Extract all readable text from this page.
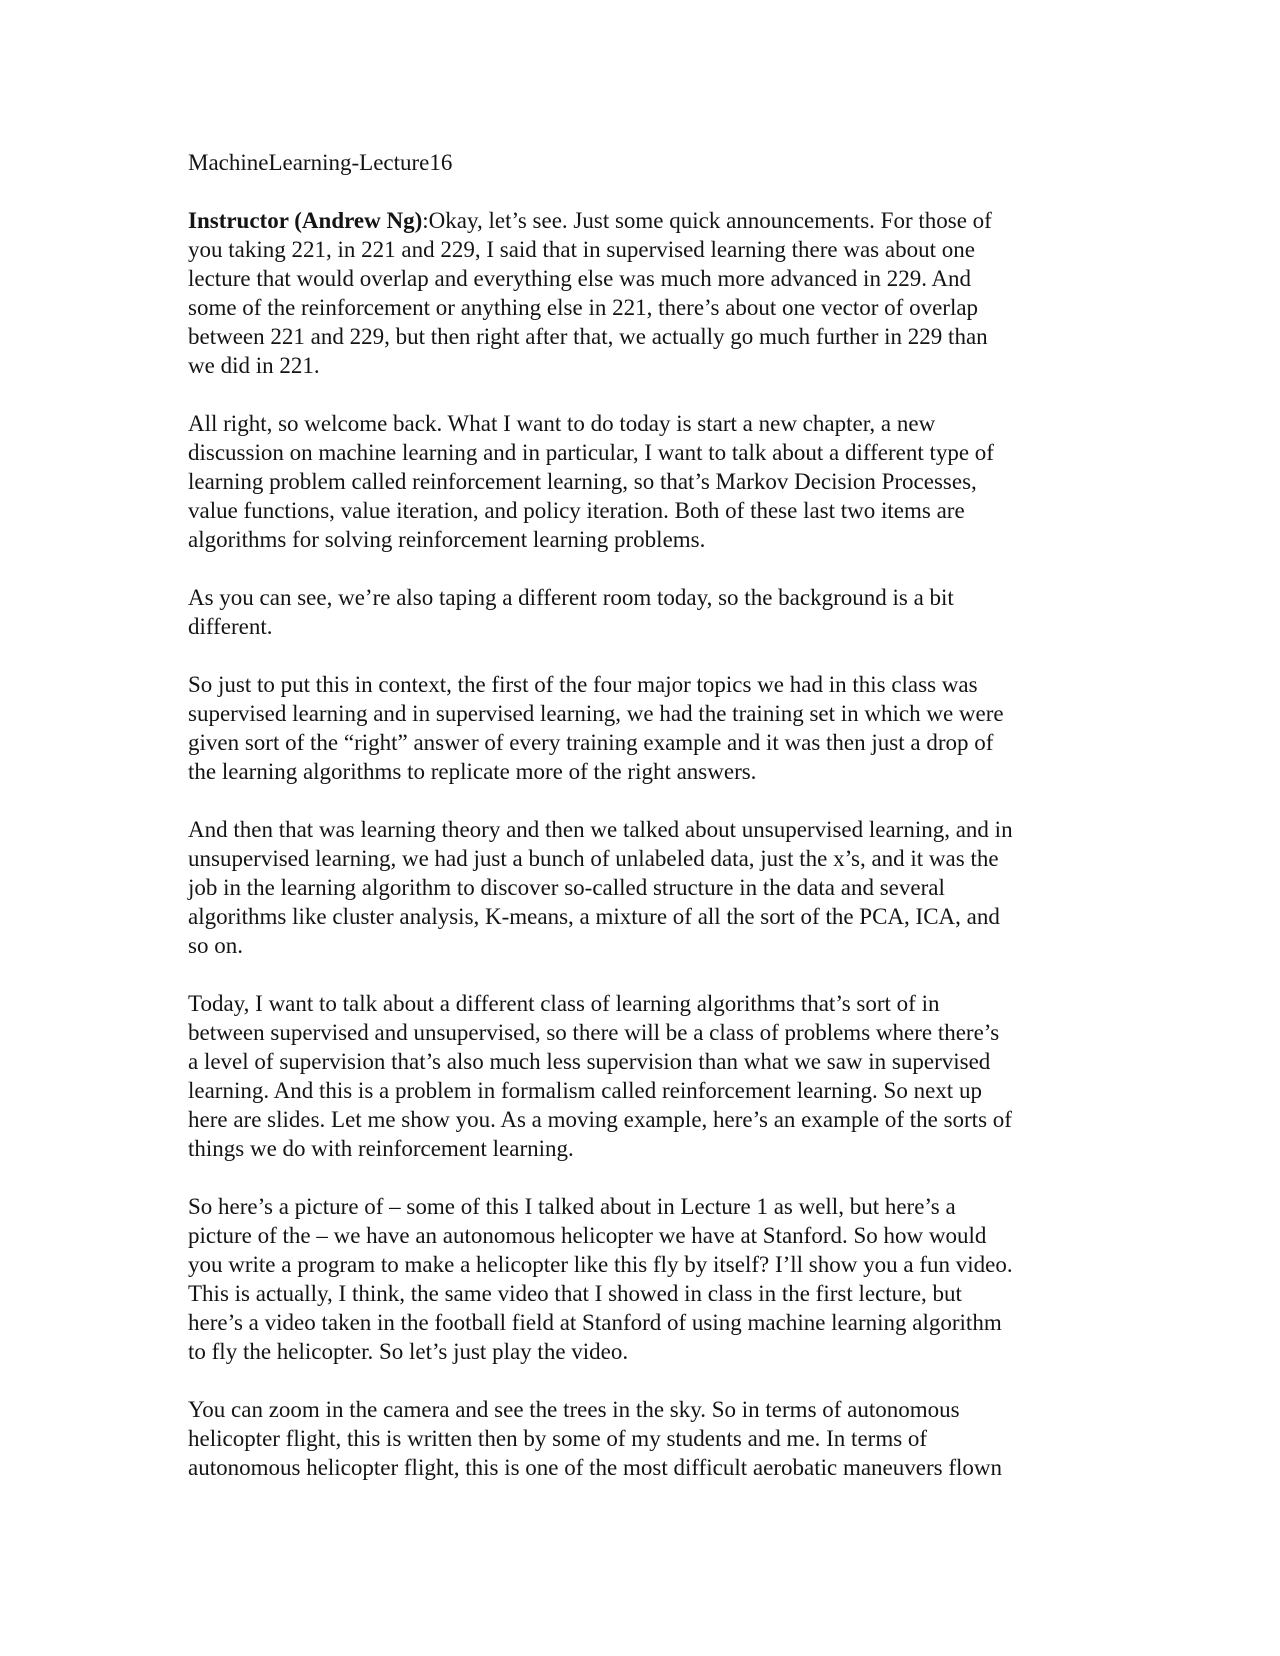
MachineLearning-Lecture16
Instructor (Andrew Ng):Okay, let’s see. Just some quick announcements. For those of
you taking 221, in 221 and 229, I said that in supervised learning there was about one
lecture that would overlap and everything else was much more advanced in 229. And
some of the reinforcement or anything else in 221, there’s about one vector of overlap
between 221 and 229, but then right after that, we actually go much further in 229 than
we did in 221.
All right, so welcome back. What I want to do today is start a new chapter, a new
discussion on machine learning and in particular, I want to talk about a different type of
learning problem called reinforcement learning, so that’s Markov Decision Processes,
value functions, value iteration, and policy iteration. Both of these last two items are
algorithms for solving reinforcement learning problems.
As you can see, we’re also taping a different room today, so the background is a bit
different.
So just to put this in context, the first of the four major topics we had in this class was
supervised learning and in supervised learning, we had the training set in which we were
given sort of the “right” answer of every training example and it was then just a drop of
the learning algorithms to replicate more of the right answers.
And then that was learning theory and then we talked about unsupervised learning, and in
unsupervised learning, we had just a bunch of unlabeled data, just the x’s, and it was the
job in the learning algorithm to discover so-called structure in the data and several
algorithms like cluster analysis, K-means, a mixture of all the sort of the PCA, ICA, and
so on.
Today, I want to talk about a different class of learning algorithms that’s sort of in
between supervised and unsupervised, so there will be a class of problems where there’s
a level of supervision that’s also much less supervision than what we saw in supervised
learning. And this is a problem in formalism called reinforcement learning. So next up
here are slides. Let me show you. As a moving example, here’s an example of the sorts of
things we do with reinforcement learning.
So here’s a picture of – some of this I talked about in Lecture 1 as well, but here’s a
picture of the – we have an autonomous helicopter we have at Stanford. So how would
you write a program to make a helicopter like this fly by itself? I’ll show you a fun video.
This is actually, I think, the same video that I showed in class in the first lecture, but
here’s a video taken in the football field at Stanford of using machine learning algorithm
to fly the helicopter. So let’s just play the video.
You can zoom in the camera and see the trees in the sky. So in terms of autonomous
helicopter flight, this is written then by some of my students and me. In terms of
autonomous helicopter flight, this is one of the most difficult aerobatic maneuvers flown
